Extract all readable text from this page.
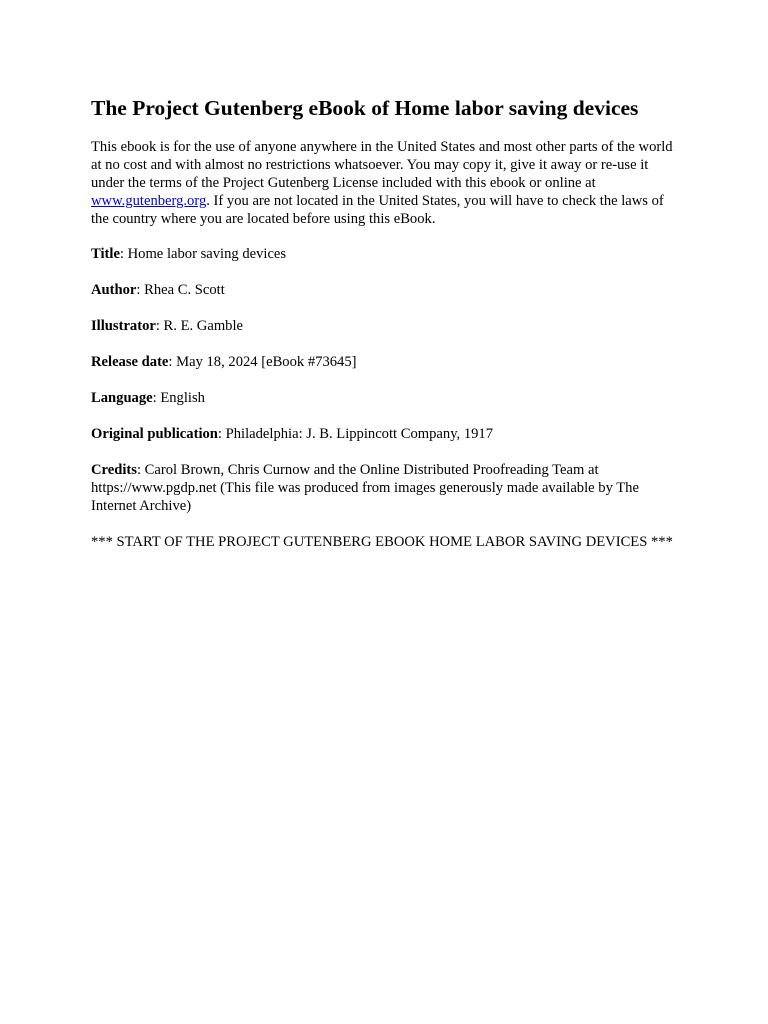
The Project Gutenberg eBook of Home labor saving devices

This ebook is for the use of anyone anywhere in the United States and most other parts of the world at no cost and with almost no restrictions whatsoever. You may copy it, give it away or re-use it under the terms of the Project Gutenberg License included with this ebook or online at www.gutenberg.org. If you are not located in the United States, you will have to check the laws of the country where you are located before using this eBook.

Title: Home labor saving devices

Author: Rhea C. Scott

Illustrator: R. E. Gamble

Release date: May 18, 2024 [eBook #73645]

Language: English

Original publication: Philadelphia: J. B. Lippincott Company, 1917

Credits: Carol Brown, Chris Curnow and the Online Distributed Proofreading Team at https://www.pgdp.net (This file was produced from images generously made available by The Internet Archive)

*** START OF THE PROJECT GUTENBERG EBOOK HOME LABOR SAVING DEVICES ***
